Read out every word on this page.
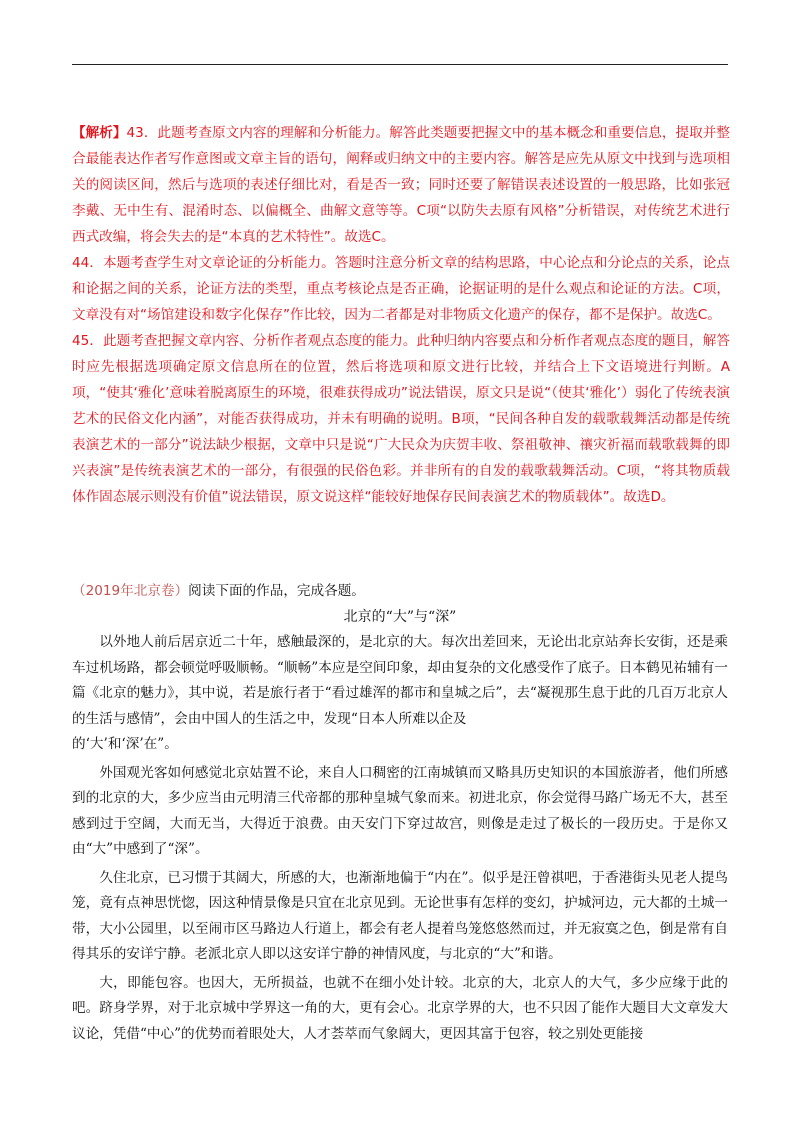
【解析】43．此题考查原文内容的理解和分析能力。解答此类题要把握文中的基本概念和重要信息，提取并整合最能表达作者写作意图或文章主旨的语句，阐释或归纳文中的主要内容。解答是应先从原文中找到与选项相关的阅读区间，然后与选项的表述仔细比对，看是否一致；同时还要了解错误表述设置的一般思路，比如张冠李戴、无中生有、混淆时态、以偏概全、曲解文意等等。C项“以防失去原有风格”分析错误，对传统艺术进行西式改编，将会失去的是“本真的艺术特性”。故选C。

44．本题考查学生对文章论证的分析能力。答题时注意分析文章的结构思路，中心论点和分论点的关系，论点和论据之间的关系，论证方法的类型，重点考核论点是否正确，论据证明的是什么观点和论证的方法。C项，文章没有对“场馆建设和数字化保存”作比较，因为二者都是对非物质文化遗产的保存，都不是保护。故选C。

45．此题考查把握文章内容、分析作者观点态度的能力。此种归纳内容要点和分析作者观点态度的题目，解答时应先根据选项确定原文信息所在的位置，然后将选项和原文进行比较，并结合上下文语境进行判断。A项，“使其‘雅化’意味着脱离原生的环境，很难获得成功”说法错误，原文只是说“（使其‘雅化’）弱化了传统表演艺术的民俗文化内涵”，对能否获得成功，并未有明确的说明。B项，“民间各种自发的载歌载舞活动都是传统表演艺术的一部分”说法缺少根据，文章中只是说“广大民众为庆贺丰收、祭祖敬神、禳灾祈福而载歌载舞的即兴表演”是传统表演艺术的一部分，有很强的民俗色彩。并非所有的自发的载歌载舞活动。C项，“将其物质载体作固态展示则没有价值”说法错误，原文说这样“能较好地保存民间表演艺术的物质载体”。故选D。

（2019年北京卷）阅读下面的作品，完成各题。
北京的“大”与“深”

以外地人前后居京近二十年，感触最深的，是北京的大。每次出差回来，无论出北京站奔长安街，还是乘车过机场路，都会顿觉呼吸顺畅。“顺畅”本应是空间印象，却由复杂的文化感受作了底子。日本鹤见祐辅有一篇《北京的魅力》，其中说，若是旅行者于“看过雄浑的都市和皇城之后”，去“凝视那生息于此的几百万北京人的生活与感情”，会由中国人的生活之中，发现“日本人所难以企及

的‘大’和‘深’在”。

外国观光客如何感觉北京姑置不论，来自人口稠密的江南城镇而又略具历史知识的本国旅游者，他们所感到的北京的大，多少应当由元明清三代帝都的那种皇城气象而来。初进北京，你会觉得马路广场无不大，甚至感到过于空阔，大而无当，大得近于浪费。由天安门下穿过故宫，则像是走过了极长的一段历史。于是你又由“大”中感到了“深”。

久住北京，已习惯于其阔大，所感的大，也渐渐地偏于“内在”。似乎是汪曾祺吧，于香港街头见老人提鸟笼，竟有点神思恍惚，因这种情景像是只宜在北京见到。无论世事有怎样的变幻，护城河边，元大都的土城一带，大小公园里，以至闹市区马路边人行道上，都会有老人提着鸟笼悠悠然而过，并无寂寞之色，倒是常有自得其乐的安详宁静。老派北京人即以这安详宁静的神情风度，与北京的“大”和谐。

大，即能包容。也因大，无所损益，也就不在细小处计较。北京的大，北京人的大气，多少应缘于此的吧。跻身学界，对于北京城中学界这一角的大，更有会心。北京学界的大，也不只因了能作大题目大文章发大议论，凭借“中心”的优势而着眼处大，人才荟萃而气象阔大，更因其富于包容，较之别处更能接
